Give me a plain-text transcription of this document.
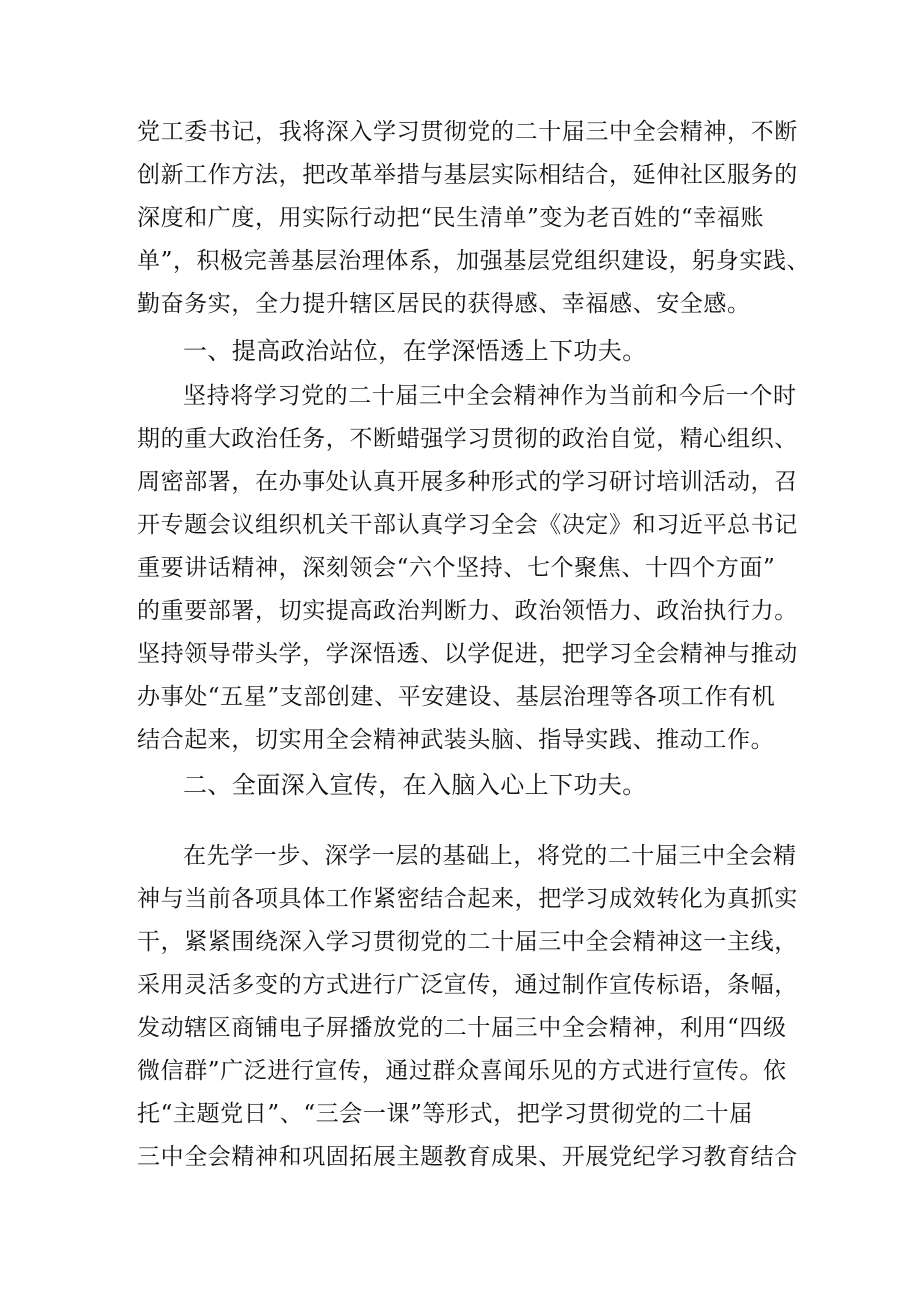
党工委书记，我将深入学习贯彻党的二十届三中全会精神，不断
创新工作方法，把改革举措与基层实际相结合，延伸社区服务的
深度和广度，用实际行动把“民生清单”变为老百姓的“幸福账
单”，积极完善基层治理体系，加强基层党组织建设，躬身实践、
勤奋务实，全力提升辖区居民的获得感、幸福感、安全感。
一、提高政治站位，在学深悟透上下功夫。
坚持将学习党的二十届三中全会精神作为当前和今后一个时
期的重大政治任务，不断蜡强学习贯彻的政治自觉，精心组织、
周密部署，在办事处认真开展多种形式的学习研讨培训活动，召
开专题会议组织机关干部认真学习全会《决定》和习近平总书记
重要讲话精神，深刻领会“六个坚持、七个聚焦、十四个方面”
的重要部署，切实提高政治判断力、政治领悟力、政治执行力。
坚持领导带头学，学深悟透、以学促进，把学习全会精神与推动
办事处“五星”支部创建、平安建设、基层治理等各项工作有机
结合起来，切实用全会精神武装头脑、指导实践、推动工作。
二、全面深入宣传，在入脑入心上下功夫。
在先学一步、深学一层的基础上，将党的二十届三中全会精
神与当前各项具体工作紧密结合起来，把学习成效转化为真抓实
干，紧紧围绕深入学习贯彻党的二十届三中全会精神这一主线，
采用灵活多变的方式进行广泛宣传，通过制作宣传标语，条幅，
发动辖区商铺电子屏播放党的二十届三中全会精神，利用“四级
微信群”广泛进行宣传，通过群众喜闻乐见的方式进行宣传。依
托“主题党日”、“三会一课”等形式，把学习贯彻党的二十届
三中全会精神和巩固拓展主题教育成果、开展党纪学习教育结合
